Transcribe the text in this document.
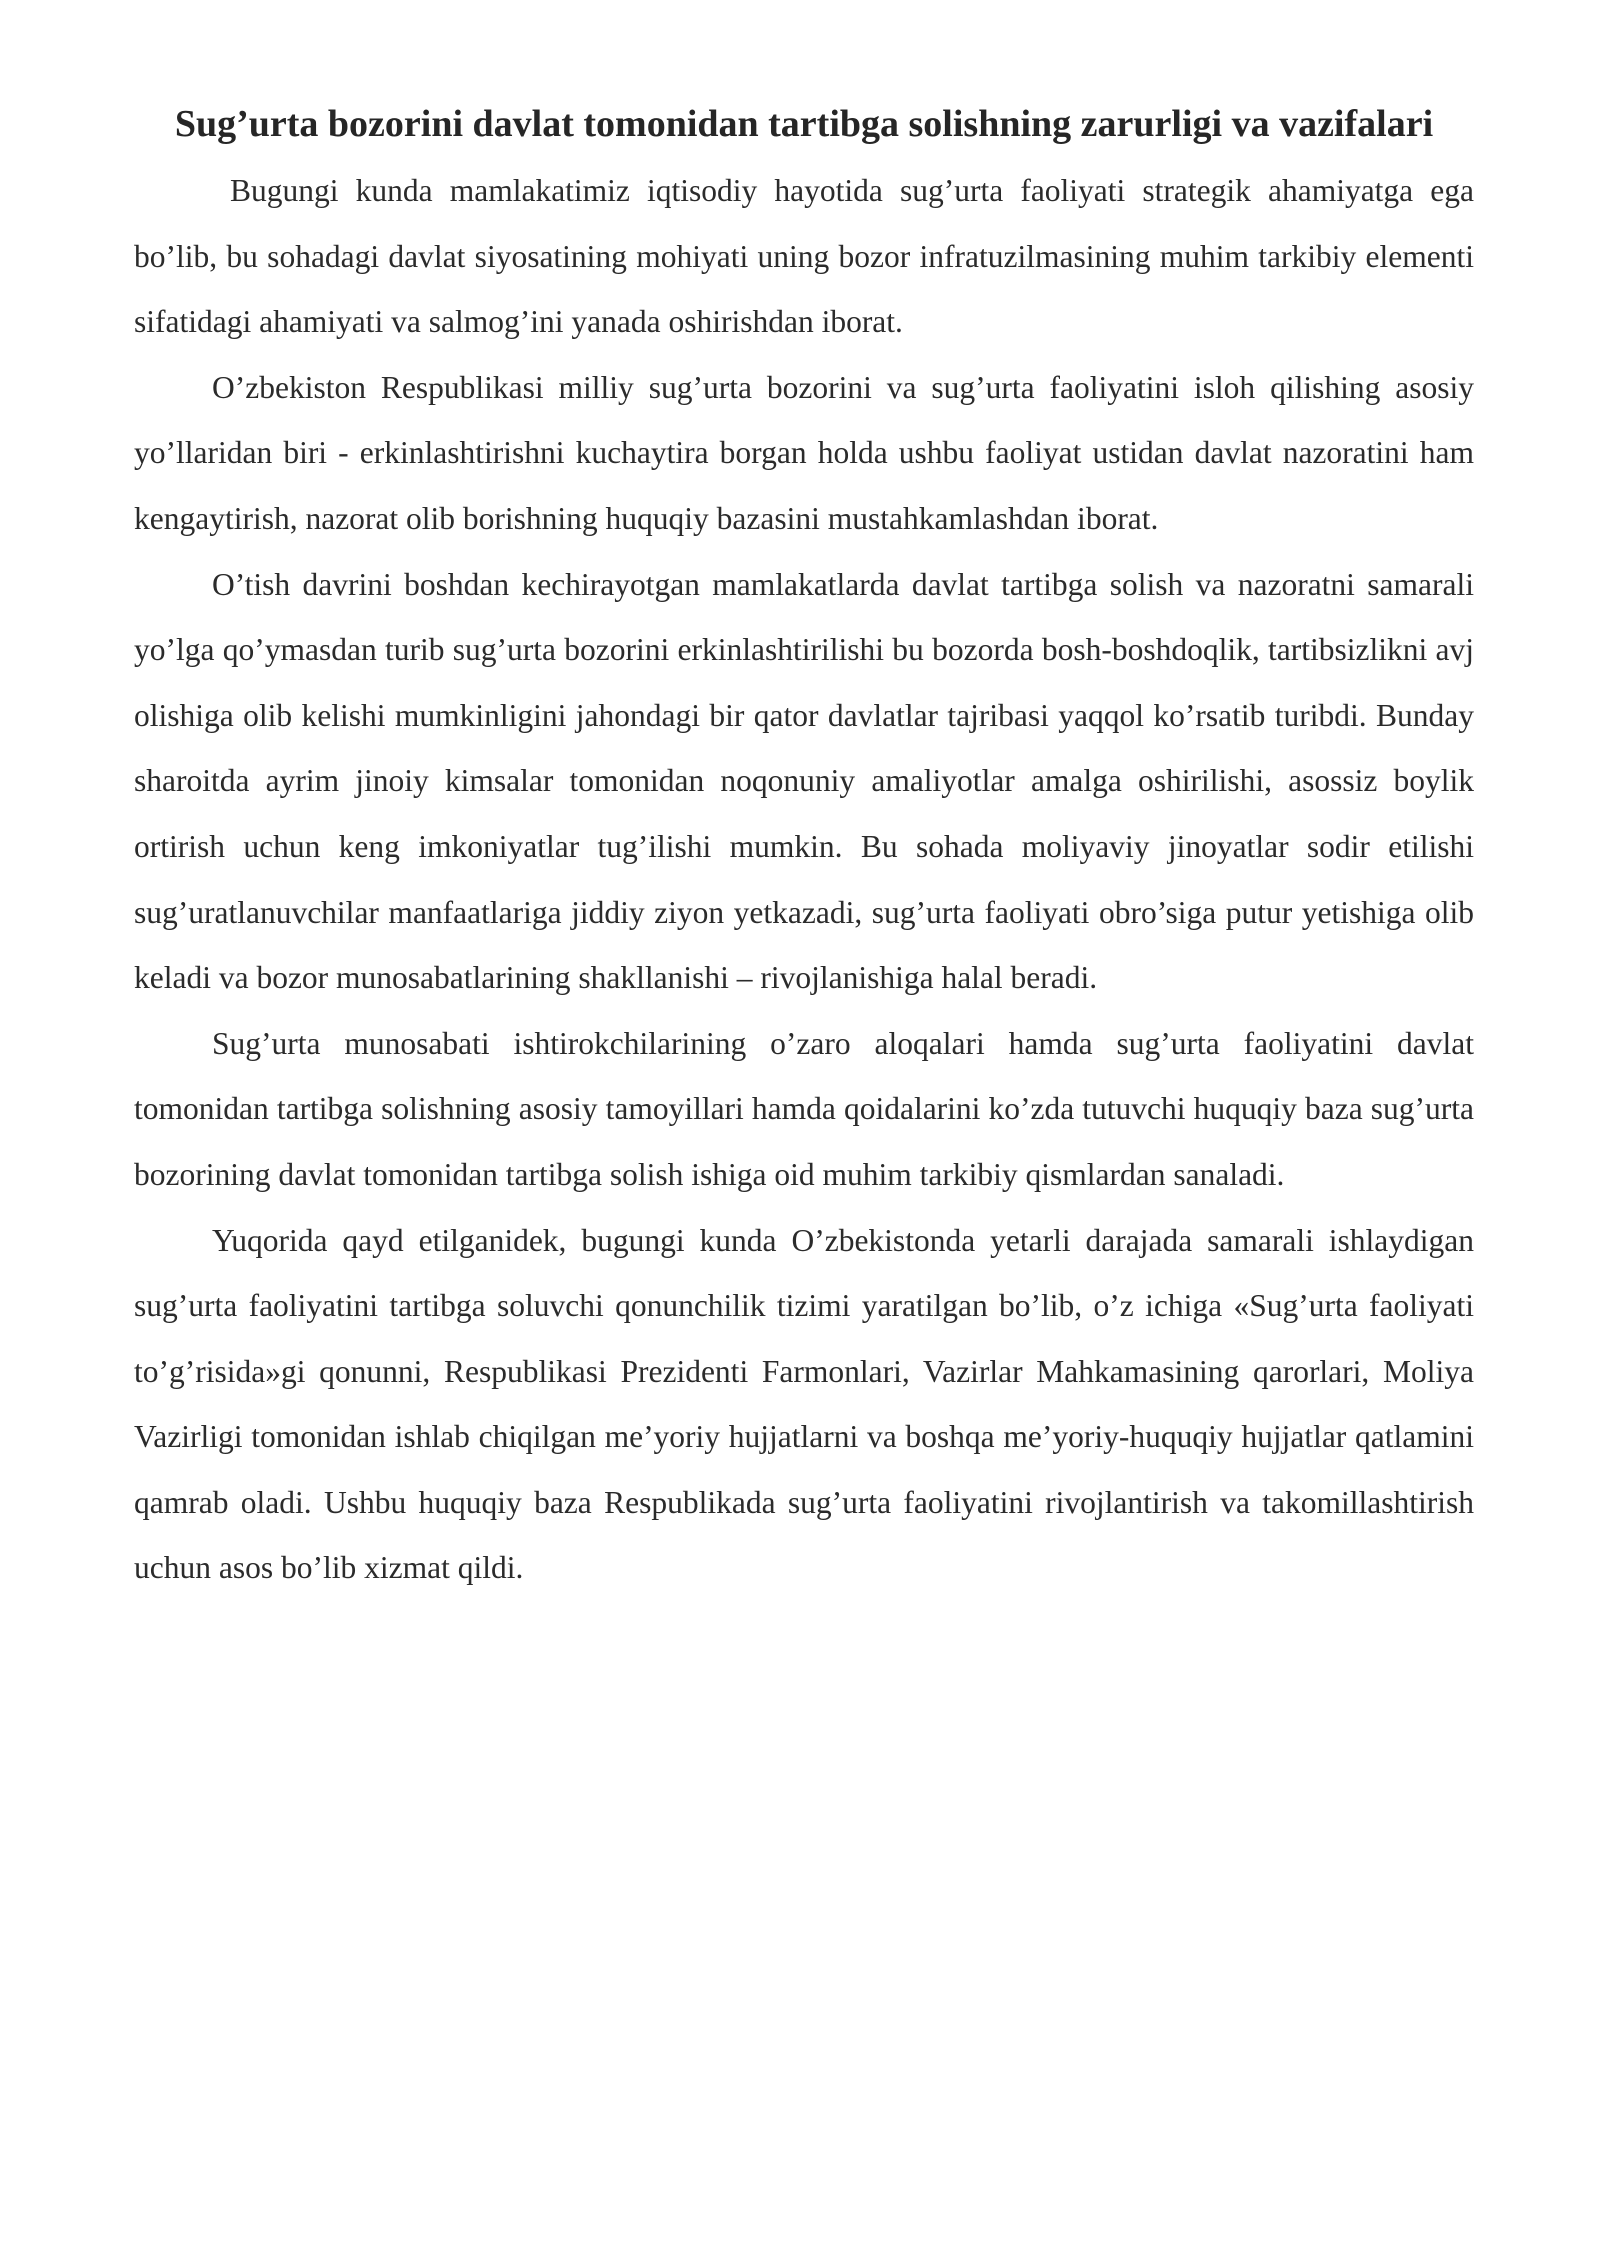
Sug’urta bozorini davlat tomonidan tartibga solishning zarurligi va vazifalari

Bugungi kunda mamlakatimiz iqtisodiy hayotida sug’urta faoliyati strategik ahamiyatga ega bo’lib, bu sohadagi davlat siyosatining mohiyati uning bozor infratuzilmasining muhim tarkibiy elementi sifatidagi ahamiyati va salmog’ini yanada oshirishdan iborat.

O’zbekiston Respublikasi milliy sug’urta bozorini va sug’urta faoliyatini isloh qilishing asosiy yo’llaridan biri - erkinlashtirishni kuchaytira borgan holda ushbu faoliyat ustidan davlat nazoratini ham kengaytirish, nazorat olib borishning huquqiy bazasini mustahkamlashdan iborat.

O’tish davrini boshdan kechirayotgan mamlakatlarda davlat tartibga solish va nazoratni samarali yo’lga qo’ymasdan turib sug’urta bozorini erkinlashtirilishi bu bozorda bosh-boshdoqlik, tartibsizlikni avj olishiga olib kelishi mumkinligini jahondagi bir qator davlatlar tajribasi yaqqol ko’rsatib turibdi. Bunday sharoitda ayrim jinoiy kimsalar tomonidan noqonuniy amaliyotlar amalga oshirilishi, asossiz boylik ortirish uchun keng imkoniyatlar tug’ilishi mumkin. Bu sohada moliyaviy jinoyatlar sodir etilishi sug’uratlanuvchilar manfaatlariga jiddiy ziyon yetkazadi, sug’urta faoliyati obro’siga putur yetishiga olib keladi va bozor munosabatlarining shakllanishi – rivojlanishiga halal beradi.

Sug’urta munosabati ishtirokchilarining o’zaro aloqalari hamda sug’urta faoliyatini davlat tomonidan tartibga solishning asosiy tamoyillari hamda qoidalarini ko’zda tutuvchi huquqiy baza sug’urta bozorining davlat tomonidan tartibga solish ishiga oid muhim tarkibiy qismlardan sanaladi.

Yuqorida qayd etilganidek, bugungi kunda O’zbekistonda yetarli darajada samarali ishlaydigan sug’urta faoliyatini tartibga soluvchi qonunchilik tizimi yaratilgan bo’lib, o’z ichiga «Sug’urta faoliyati to’g’risida»gi qonunni, Respublikasi Prezidenti Farmonlari, Vazirlar Mahkamasining qarorlari, Moliya Vazirligi tomonidan ishlab chiqilgan me’yoriy hujjatlarni va boshqa me’yoriy-huquqiy hujjatlar qatlamini qamrab oladi. Ushbu huquqiy baza Respublikada sug’urta faoliyatini rivojlantirish va takomillashtirish uchun asos bo’lib xizmat qildi.
